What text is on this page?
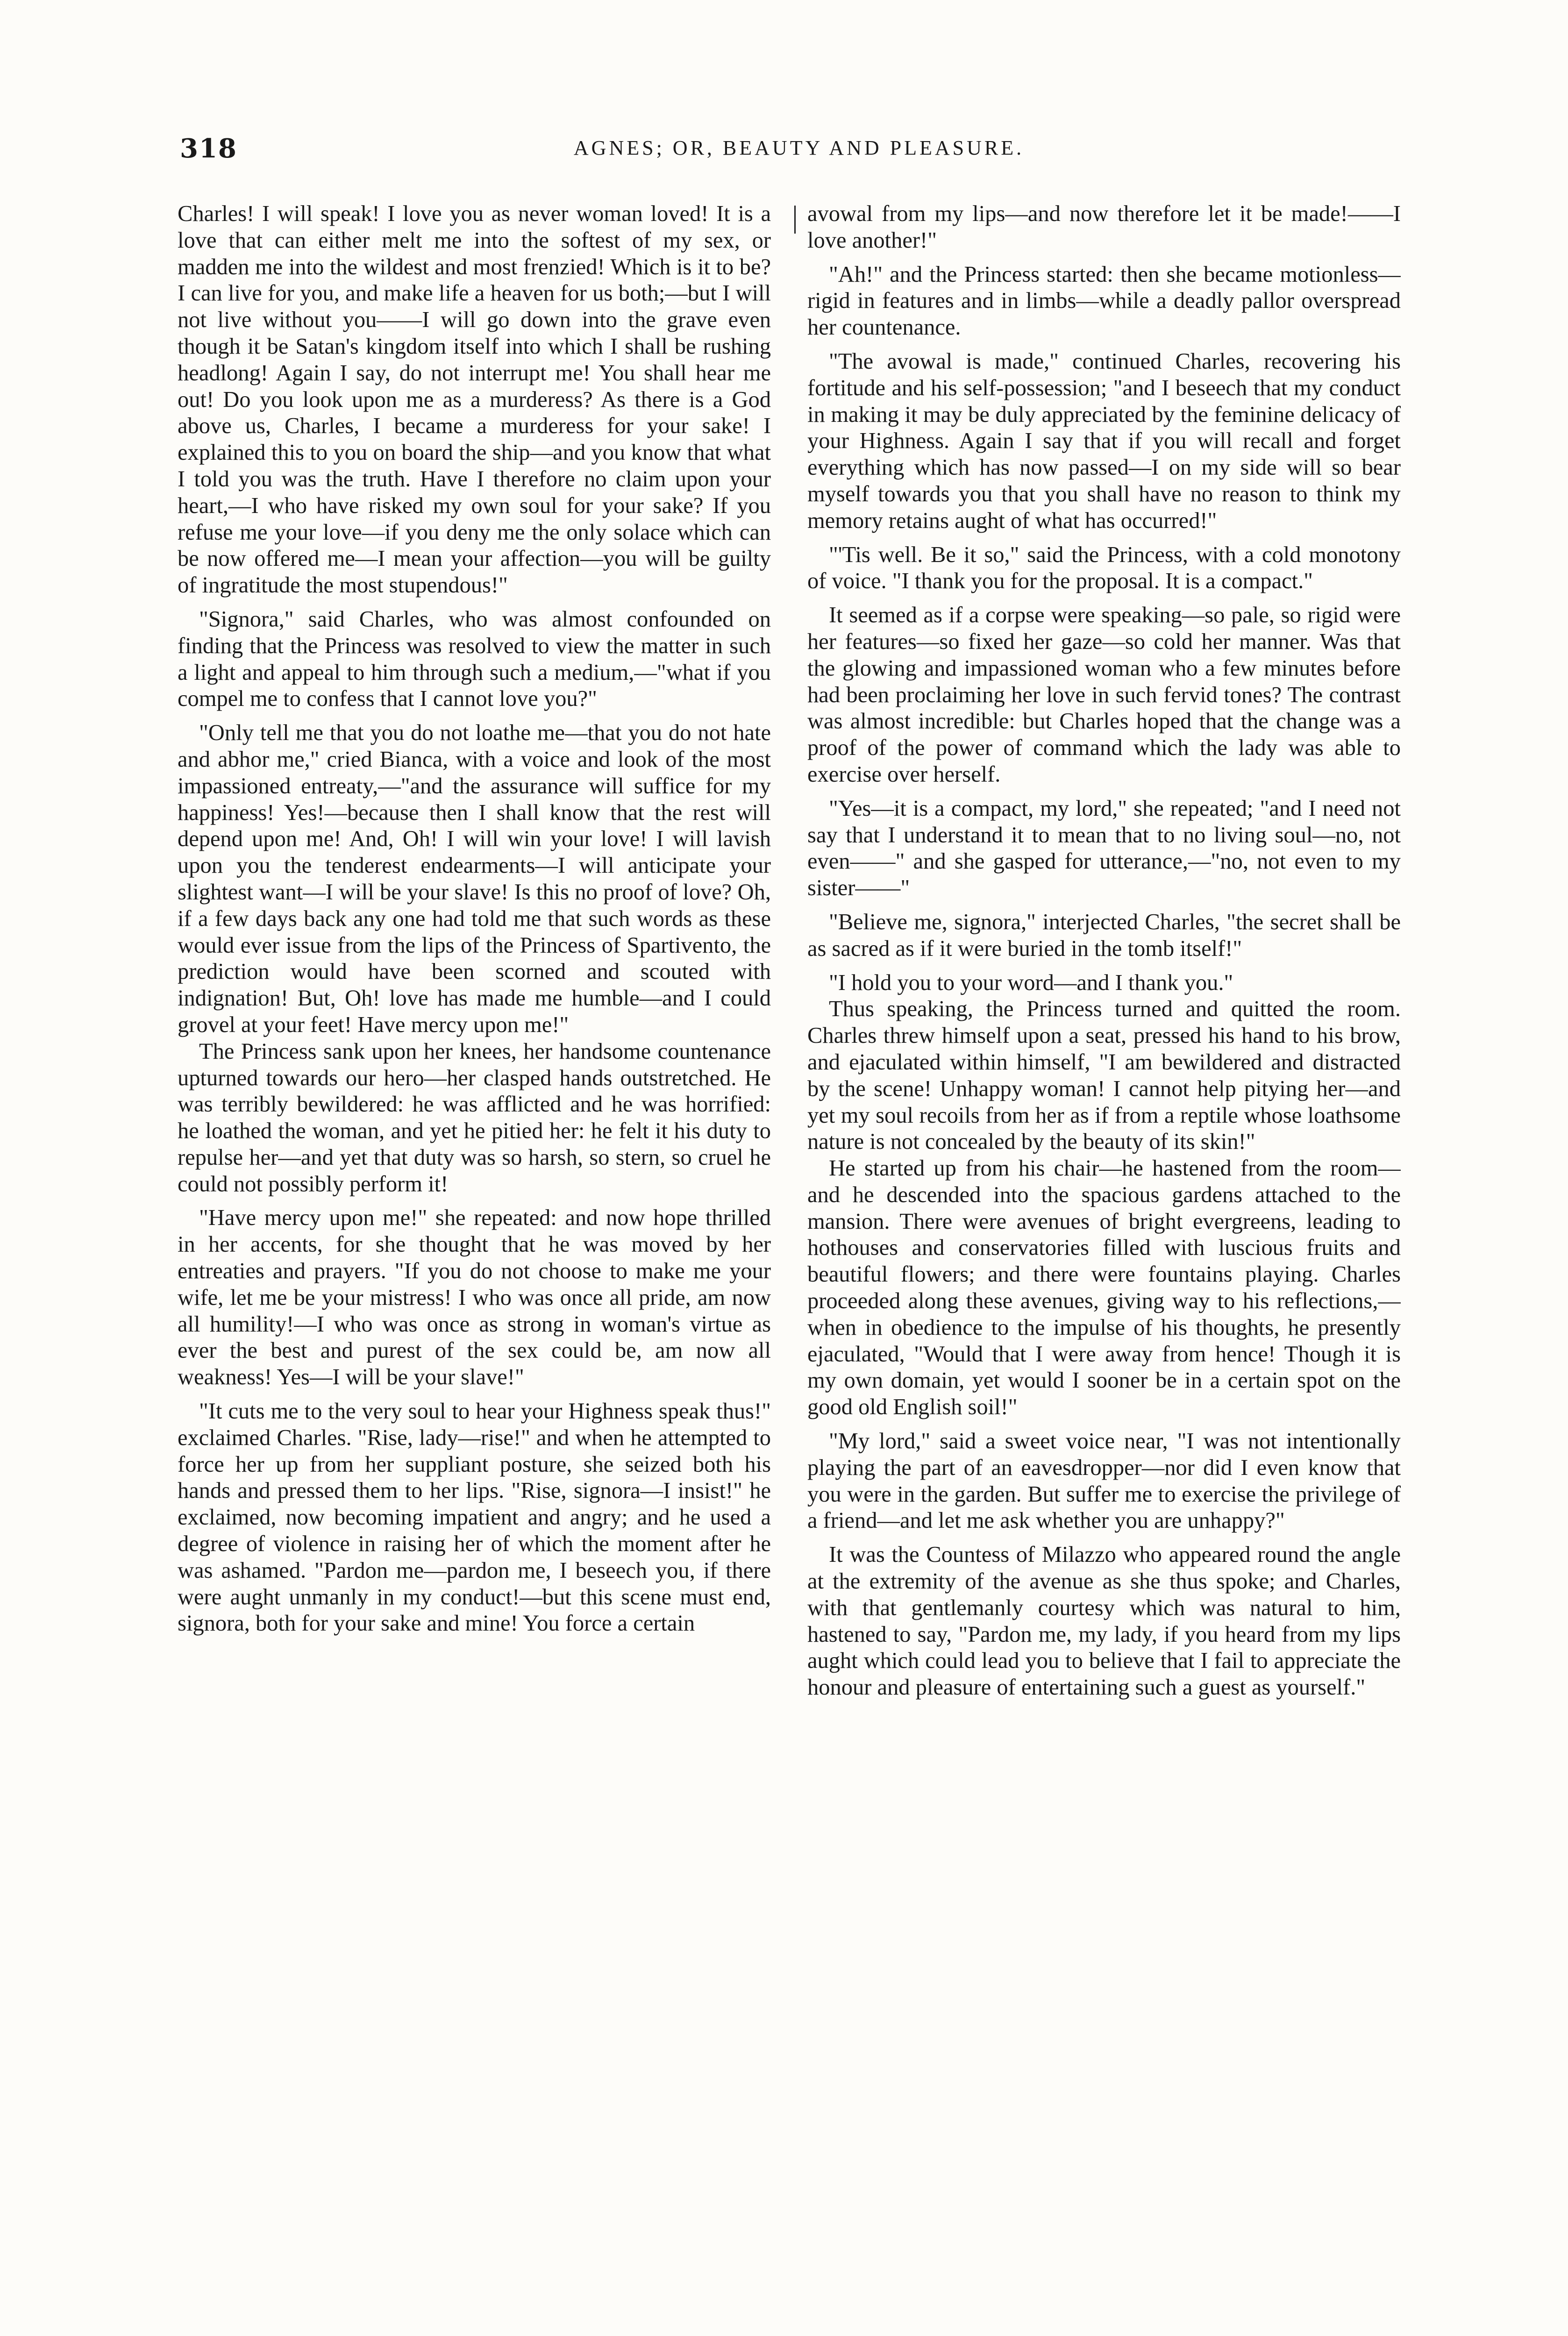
318	AGNES; OR, BEAUTY AND PLEASURE.

Charles! I will speak! I love you as never woman loved! It is a love that can either melt me into the softest of my sex, or madden me into the wildest and most frenzied! Which is it to be? I can live for you, and make life a heaven for us both;—but I will not live without you——I will go down into the grave even though it be Satan's kingdom itself into which I shall be rushing headlong! Again I say, do not interrupt me! You shall hear me out! Do you look upon me as a murderess? As there is a God above us, Charles, I became a murderess for your sake! I explained this to you on board the ship—and you know that what I told you was the truth. Have I therefore no claim upon your heart,—I who have risked my own soul for your sake? If you refuse me your love—if you deny me the only solace which can be now offered me—I mean your affection—you will be guilty of ingratitude the most stupendous!"

"Signora," said Charles, who was almost confounded on finding that the Princess was resolved to view the matter in such a light and appeal to him through such a medium,—"what if you compel me to confess that I cannot love you?"

"Only tell me that you do not loathe me—that you do not hate and abhor me," cried Bianca, with a voice and look of the most impassioned entreaty,—"and the assurance will suffice for my happiness! Yes!—because then I shall know that the rest will depend upon me! And, Oh! I will win your love! I will lavish upon you the tenderest endearments—I will anticipate your slightest want—I will be your slave! Is this no proof of love? Oh, if a few days back any one had told me that such words as these would ever issue from the lips of the Princess of Spartivento, the prediction would have been scorned and scouted with indignation! But, Oh! love has made me humble—and I could grovel at your feet! Have mercy upon me!"

The Princess sank upon her knees, her handsome countenance upturned towards our hero—her clasped hands outstretched. He was terribly bewildered: he was afflicted and he was horrified: he loathed the woman, and yet he pitied her: he felt it his duty to repulse her—and yet that duty was so harsh, so stern, so cruel he could not possibly perform it!

"Have mercy upon me!" she repeated: and now hope thrilled in her accents, for she thought that he was moved by her entreaties and prayers. "If you do not choose to make me your wife, let me be your mistress! I who was once all pride, am now all humility!—I who was once as strong in woman's virtue as ever the best and purest of the sex could be, am now all weakness! Yes—I will be your slave!"

"It cuts me to the very soul to hear your Highness speak thus!" exclaimed Charles. "Rise, lady—rise!" and when he attempted to force her up from her suppliant posture, she seized both his hands and pressed them to her lips. "Rise, signora—I insist!" he exclaimed, now becoming impatient and angry; and he used a degree of violence in raising her of which the moment after he was ashamed. "Pardon me—pardon me, I beseech you, if there were aught unmanly in my conduct!—but this scene must end, signora, both for your sake and mine! You force a certain

avowal from my lips—and now therefore let it be made!——I love another!"

"Ah!" and the Princess started: then she became motionless—rigid in features and in limbs—while a deadly pallor overspread her countenance.

"The avowal is made," continued Charles, recovering his fortitude and his self-possession; "and I beseech that my conduct in making it may be duly appreciated by the feminine delicacy of your Highness. Again I say that if you will recall and forget everything which has now passed—I on my side will so bear myself towards you that you shall have no reason to think my memory retains aught of what has occurred!"

"'Tis well. Be it so," said the Princess, with a cold monotony of voice. "I thank you for the proposal. It is a compact."

It seemed as if a corpse were speaking—so pale, so rigid were her features—so fixed her gaze—so cold her manner. Was that the glowing and impassioned woman who a few minutes before had been proclaiming her love in such fervid tones? The contrast was almost incredible: but Charles hoped that the change was a proof of the power of command which the lady was able to exercise over herself.

"Yes—it is a compact, my lord," she repeated; "and I need not say that I understand it to mean that to no living soul—no, not even——" and she gasped for utterance,—"no, not even to my sister——"

"Believe me, signora," interjected Charles, "the secret shall be as sacred as if it were buried in the tomb itself!"

"I hold you to your word—and I thank you."

Thus speaking, the Princess turned and quitted the room. Charles threw himself upon a seat, pressed his hand to his brow, and ejaculated within himself, "I am bewildered and distracted by the scene! Unhappy woman! I cannot help pitying her—and yet my soul recoils from her as if from a reptile whose loathsome nature is not concealed by the beauty of its skin!"

He started up from his chair—he hastened from the room—and he descended into the spacious gardens attached to the mansion. There were avenues of bright evergreens, leading to hothouses and conservatories filled with luscious fruits and beautiful flowers; and there were fountains playing. Charles proceeded along these avenues, giving way to his reflections,—when in obedience to the impulse of his thoughts, he presently ejaculated, "Would that I were away from hence! Though it is my own domain, yet would I sooner be in a certain spot on the good old English soil!"

"My lord," said a sweet voice near, "I was not intentionally playing the part of an eavesdropper—nor did I even know that you were in the garden. But suffer me to exercise the privilege of a friend—and let me ask whether you are unhappy?"

It was the Countess of Milazzo who appeared round the angle at the extremity of the avenue as she thus spoke; and Charles, with that gentlemanly courtesy which was natural to him, hastened to say, "Pardon me, my lady, if you heard from my lips aught which could lead you to believe that I fail to appreciate the honour and pleasure of entertaining such a guest as yourself."
